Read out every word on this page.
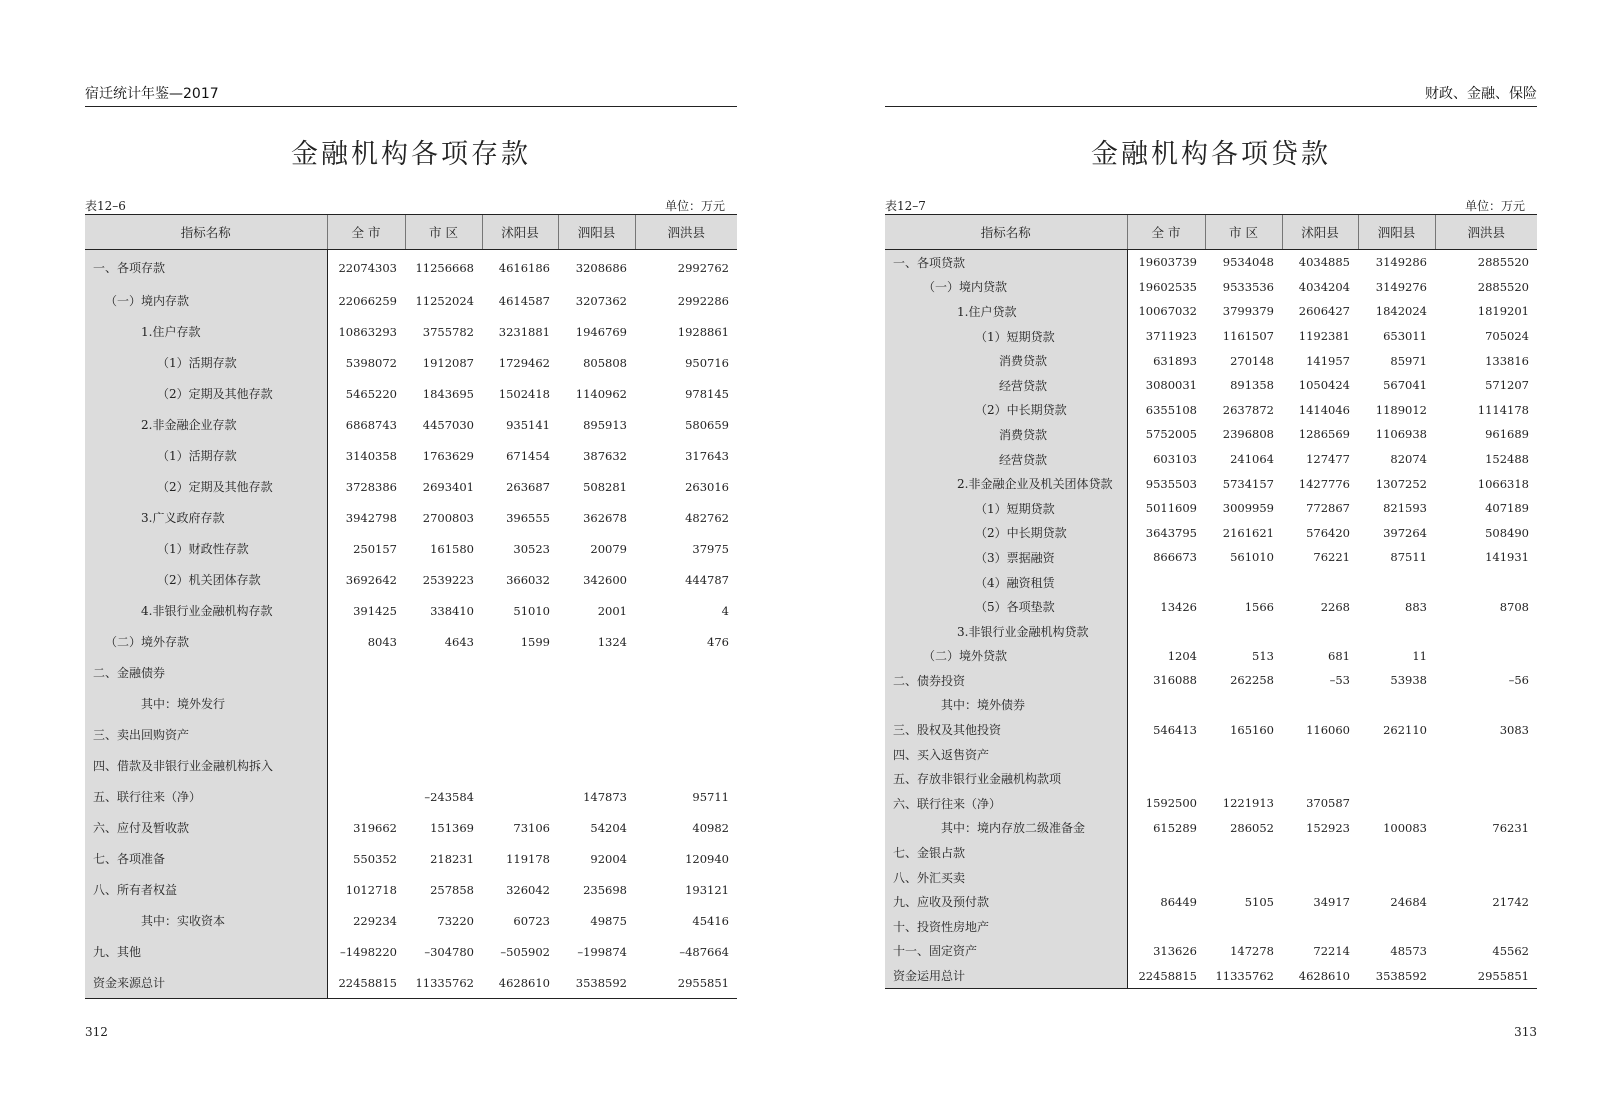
宿迁统计年鉴—2017
金融机构各项存款
表12–6	单位：万元
指标名称	全 市	市 区	沭阳县	泗阳县	泗洪县
一、各项存款	22074303	11256668	4616186	3208686	2992762
（一）境内存款	22066259	11252024	4614587	3207362	2992286
1.住户存款	10863293	3755782	3231881	1946769	1928861
（1）活期存款	5398072	1912087	1729462	805808	950716
（2）定期及其他存款	5465220	1843695	1502418	1140962	978145
2.非金融企业存款	6868743	4457030	935141	895913	580659
（1）活期存款	3140358	1763629	671454	387632	317643
（2）定期及其他存款	3728386	2693401	263687	508281	263016
3.广义政府存款	3942798	2700803	396555	362678	482762
（1）财政性存款	250157	161580	30523	20079	37975
（2）机关团体存款	3692642	2539223	366032	342600	444787
4.非银行业金融机构存款	391425	338410	51010	2001	4
（二）境外存款	8043	4643	1599	1324	476
二、金融债券					
其中：境外发行					
三、卖出回购资产					
四、借款及非银行业金融机构拆入					
五、联行往来（净）		–243584		147873	95711
六、应付及暂收款	319662	151369	73106	54204	40982
七、各项准备	550352	218231	119178	92004	120940
八、所有者权益	1012718	257858	326042	235698	193121
其中：实收资本	229234	73220	60723	49875	45416
九、其他	–1498220	–304780	–505902	–199874	–487664
资金来源总计	22458815	11335762	4628610	3538592	2955851
312
财政、金融、保险
金融机构各项贷款
表12–7	单位：万元
指标名称	全 市	市 区	沭阳县	泗阳县	泗洪县
一、各项贷款	19603739	9534048	4034885	3149286	2885520
（一）境内贷款	19602535	9533536	4034204	3149276	2885520
1.住户贷款	10067032	3799379	2606427	1842024	1819201
（1）短期贷款	3711923	1161507	1192381	653011	705024
消费贷款	631893	270148	141957	85971	133816
经营贷款	3080031	891358	1050424	567041	571207
（2）中长期贷款	6355108	2637872	1414046	1189012	1114178
消费贷款	5752005	2396808	1286569	1106938	961689
经营贷款	603103	241064	127477	82074	152488
2.非金融企业及机关团体贷款	9535503	5734157	1427776	1307252	1066318
（1）短期贷款	5011609	3009959	772867	821593	407189
（2）中长期贷款	3643795	2161621	576420	397264	508490
（3）票据融资	866673	561010	76221	87511	141931
（4）融资租赁					
（5）各项垫款	13426	1566	2268	883	8708
3.非银行业金融机构贷款					
（二）境外贷款	1204	513	681	11	
二、债券投资	316088	262258	–53	53938	–56
其中：境外债券					
三、股权及其他投资	546413	165160	116060	262110	3083
四、买入返售资产					
五、存放非银行业金融机构款项					
六、联行往来（净）	1592500	1221913	370587		
其中：境内存放二级准备金	615289	286052	152923	100083	76231
七、金银占款					
八、外汇买卖					
九、应收及预付款	86449	5105	34917	24684	21742
十、投资性房地产					
十一、固定资产	313626	147278	72214	48573	45562
资金运用总计	22458815	11335762	4628610	3538592	2955851
313
